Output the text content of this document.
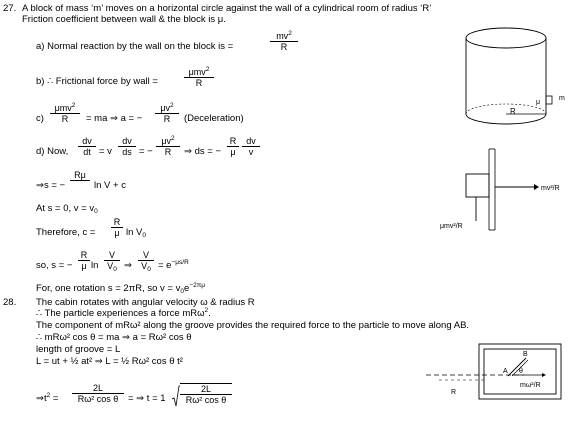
27. A block of mass ‘m’ moves on a horizontal circle against the wall of a cylindrical room of radius ‘R’
Friction coefficient between wall & the block is μ.
a) Normal reaction by the wall on the block is =	$\frac{mv^2}{R}$
b) ∴ Frictional force by wall =
μmv$^2$
R
c)
μmv$^2$
R	= ma ⇒ a = − $\frac{\mu v^2}{R}$ (Deceleration)
d) Now, $\frac{dv}{dt} = v \frac{dv}{ds}$ = − $\frac{\mu v^2}{R}$ ⇒ ds = − $\frac{R}{\mu} \frac{dv}{v}$
⇒s = −
Rμ
ln V + c
At s = 0, $v = v_0$
Therefore, $c = \frac{R}{\mu}$ $\ln V_0$
so, s = − $\frac{R}{\mu}$ $\ln \frac{V}{V_0}$ ⇒ $\frac{V}{V_0} = e^{-\mu s/R}$
For, one rotation s = 2πR, so $v = v_0e^{-2\pi\mu}$
R
μ
m
mv²/R
μmv²/R
28. The cabin rotates with angular velocity ω & radius R
∴ The particle experiences a force mRω$^2$.
The component of mRω² along the groove provides the required force to the particle to move along AB.
∴ mRω² cos θ = ma ⇒ a = Rω² cos θ
length of groove = L
L = ut + ½ at² ⇒ L = ½ Rω² cos θ t²
$\Rightarrow t^2 = \frac{2L}{\text{Rω² cos θ}}$ = ⇒ $t = 1 \frac{2L}{\text{Rω² cos θ}}$
B
A θ
mω²/R
R
